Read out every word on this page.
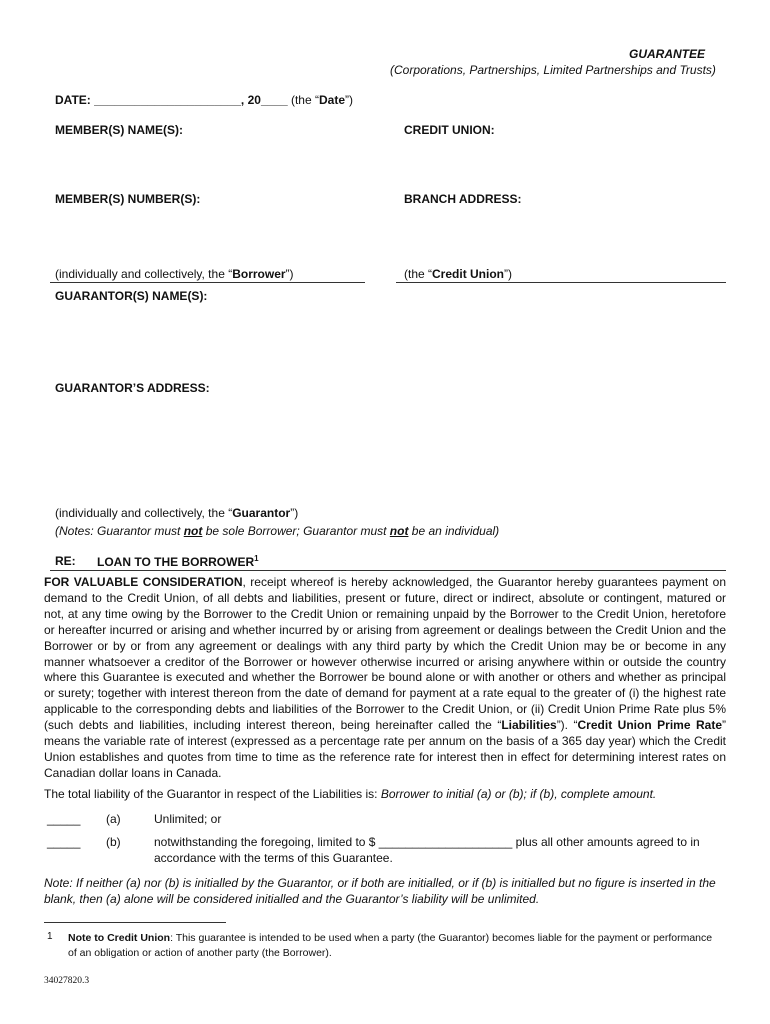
GUARANTEE
(Corporations, Partnerships, Limited Partnerships and Trusts)
DATE: ______________________, 20____ (the “Date”)
MEMBER(S) NAME(S):	CREDIT UNION:
MEMBER(S) NUMBER(S):	BRANCH ADDRESS:
(individually and collectively, the “Borrower”)	(the “Credit Union”)
GUARANTOR(S) NAME(S):
GUARANTOR’S ADDRESS:
(individually and collectively, the “Guarantor”)
(Notes: Guarantor must not be sole Borrower; Guarantor must not be an individual)
RE: LOAN TO THE BORROWER$^1$
FOR VALUABLE CONSIDERATION, receipt whereof is hereby acknowledged, the Guarantor hereby guarantees payment on demand to the Credit Union, of all debts and liabilities, present or future, direct or indirect, absolute or contingent, matured or not, at any time owing by the Borrower to the Credit Union or remaining unpaid by the Borrower to the Credit Union, heretofore or hereafter incurred or arising and whether incurred by or arising from agreement or dealings between the Credit Union and the Borrower or by or from any agreement or dealings with any third party by which the Credit Union may be or become in any manner whatsoever a creditor of the Borrower or however otherwise incurred or arising anywhere within or outside the country where this Guarantee is executed and whether the Borrower be bound alone or with another or others and whether as principal or surety; together with interest thereon from the date of demand for payment at a rate equal to the greater of (i) the highest rate applicable to the corresponding debts and liabilities of the Borrower to the Credit Union, or (ii) Credit Union Prime Rate plus 5% (such debts and liabilities, including interest thereon, being hereinafter called the “Liabilities”). “Credit Union Prime Rate” means the variable rate of interest (expressed as a percentage rate per annum on the basis of a 365 day year) which the Credit Union establishes and quotes from time to time as the reference rate for interest then in effect for determining interest rates on Canadian dollar loans in Canada.
The total liability of the Guarantor in respect of the Liabilities is: Borrower to initial (a) or (b); if (b), complete amount.
_____ (a)	Unlimited; or
_____ (b)	notwithstanding the foregoing, limited to $ ____________________ plus all other amounts agreed to in accordance with the terms of this Guarantee.
Note: If neither (a) nor (b) is initialled by the Guarantor, or if both are initialled, or if (b) is initialled but no figure is inserted in the blank, then (a) alone will be considered initialled and the Guarantor’s liability will be unlimited.
1 Note to Credit Union: This guarantee is intended to be used when a party (the Guarantor) becomes liable for the payment or performance of an obligation or action of another party (the Borrower).
34027820.3
